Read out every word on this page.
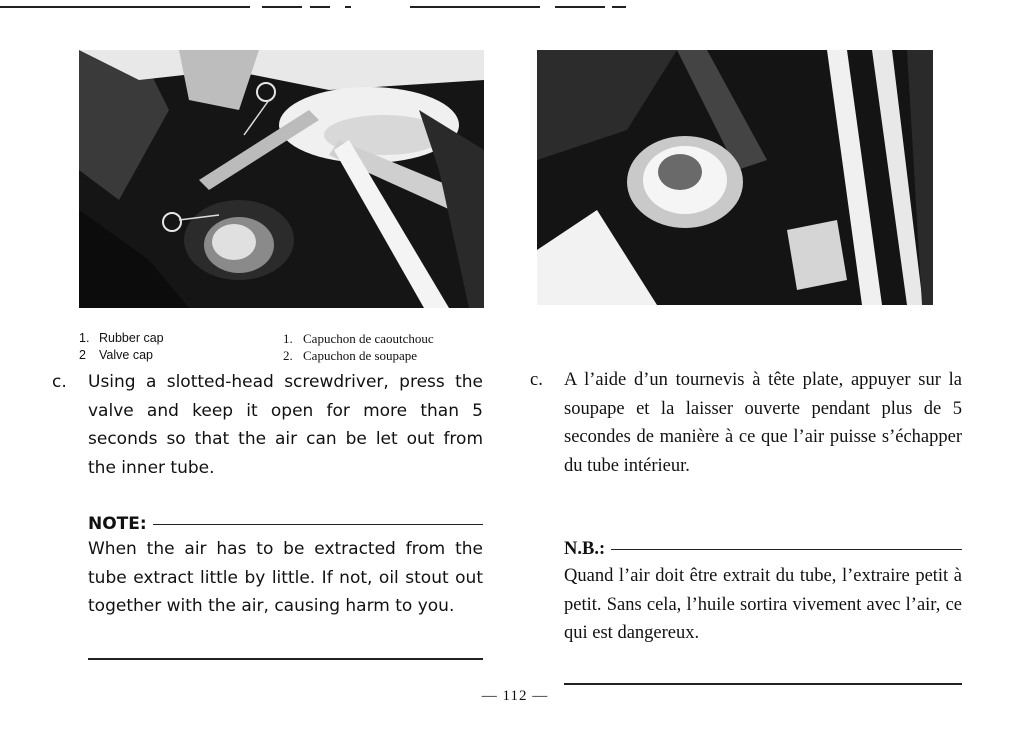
1. Rubber cap
2 Valve cap
1. Capuchon de caoutchouc
2. Capuchon de soupape
c. Using a slotted-head screwdriver, press the valve and keep it open for more than 5 seconds so that the air can be let out from the inner tube.
c. A l’aide d’un tournevis à tête plate, appuyer sur la soupape et la laisser ouverte pendant plus de 5 secondes de manière à ce que l’air puisse s’échapper du tube intérieur.
NOTE:
When the air has to be extracted from the tube extract little by little. If not, oil stout out together with the air, causing harm to you.
N.B.:
Quand l’air doit être extrait du tube, l’extraire petit à petit. Sans cela, l’huile sortira vivement avec l’air, ce qui est dangereux.
— 112 —
